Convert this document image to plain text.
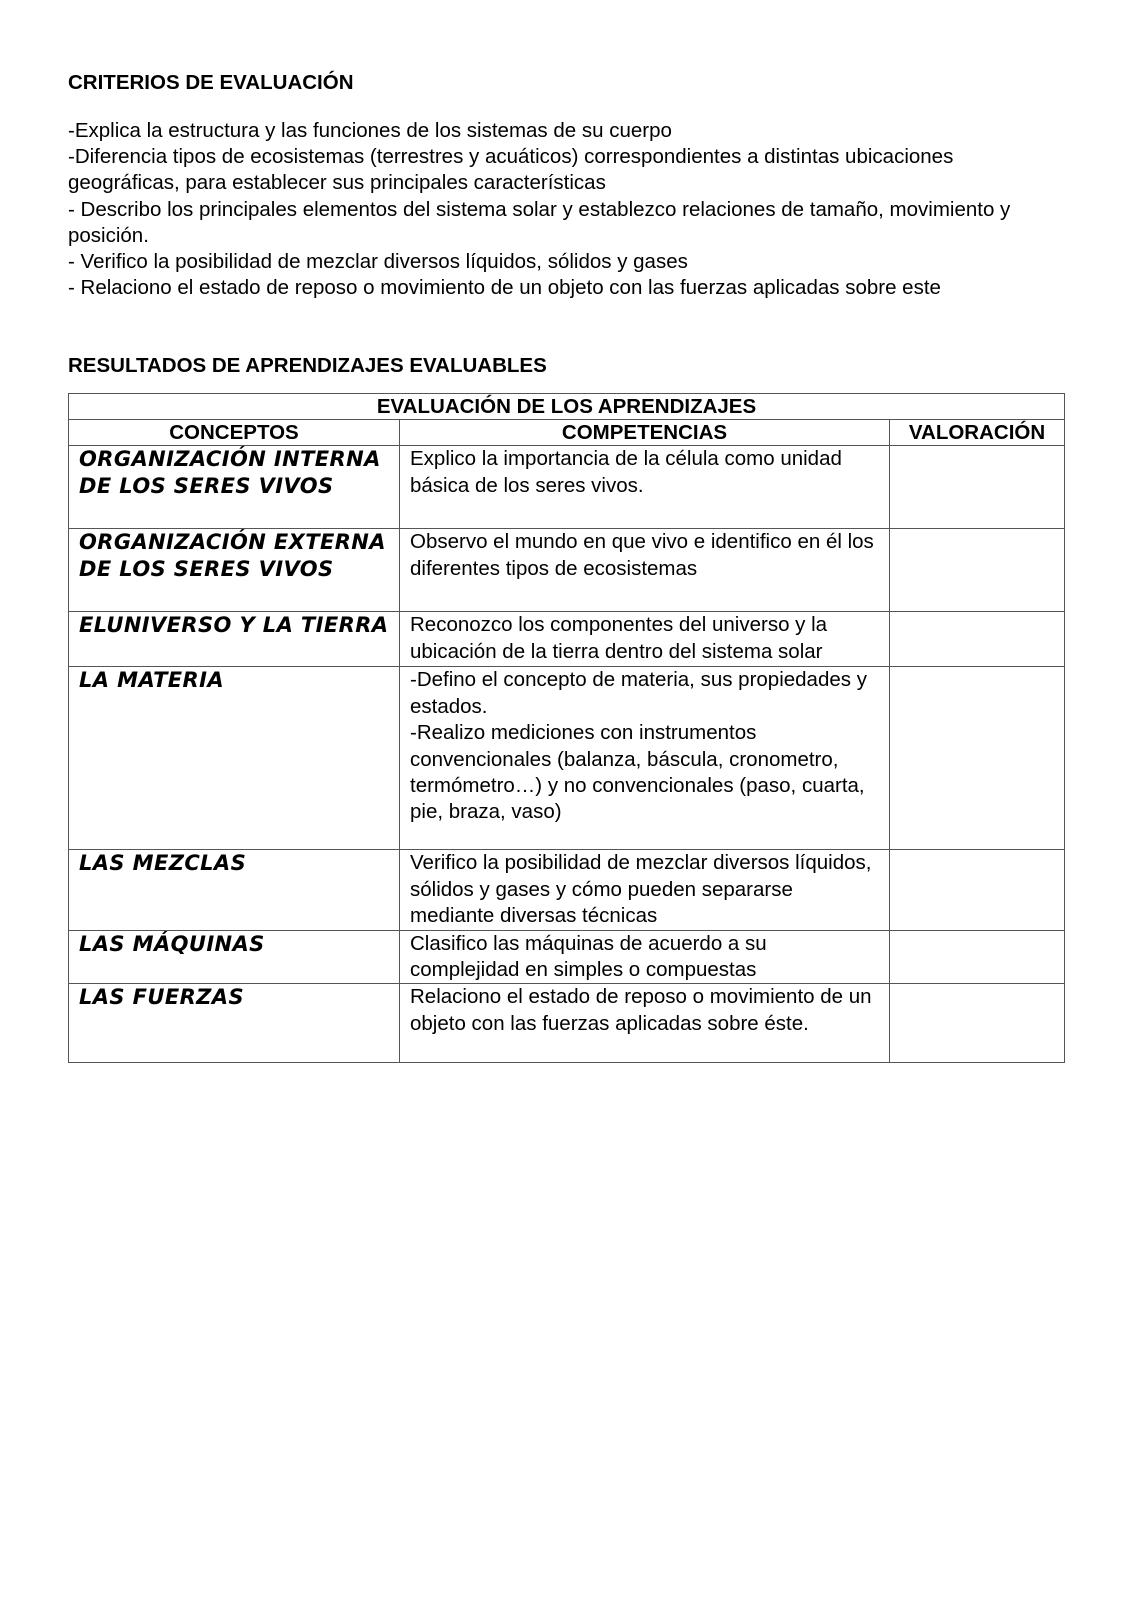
CRITERIOS DE EVALUACIÓN
-Explica la estructura y las funciones de los sistemas de su cuerpo
-Diferencia tipos de ecosistemas (terrestres y acuáticos) correspondientes a distintas ubicaciones geográficas, para establecer sus principales características
- Describo los principales elementos del sistema solar y establezco relaciones de tamaño, movimiento y posición.
- Verifico la posibilidad de mezclar diversos líquidos, sólidos y gases
- Relaciono el estado de reposo o movimiento de un objeto con las fuerzas aplicadas sobre este
RESULTADOS DE APRENDIZAJES EVALUABLES
EVALUACIÓN DE LOS APRENDIZAJES		
CONCEPTOS	COMPETENCIAS	VALORACIÓN
ORGANIZACIÓN INTERNA DE LOS SERES VIVOS	Explico la importancia de la célula como unidad básica de los seres vivos.	

ORGANIZACIÓN EXTERNA DE LOS SERES VIVOS	Observo el mundo en que vivo e identifico en él los diferentes tipos de ecosistemas	

ELUNIVERSO Y LA TIERRA	Reconozco los componentes del universo y la ubicación de la tierra dentro del sistema solar	

LA MATERIA	-Defino el concepto de materia, sus propiedades y estados.
-Realizo mediciones con instrumentos convencionales (balanza, báscula, cronometro, termómetro…) y no convencionales (paso, cuarta, pie, braza, vaso)	

LAS MEZCLAS	Verifico la posibilidad de mezclar diversos líquidos, sólidos y gases y cómo pueden separarse mediante diversas técnicas	

LAS MÁQUINAS	Clasifico las máquinas de acuerdo a su complejidad en simples o compuestas	

LAS FUERZAS	Relaciono el estado de reposo o movimiento de un objeto con las fuerzas aplicadas sobre éste.	
